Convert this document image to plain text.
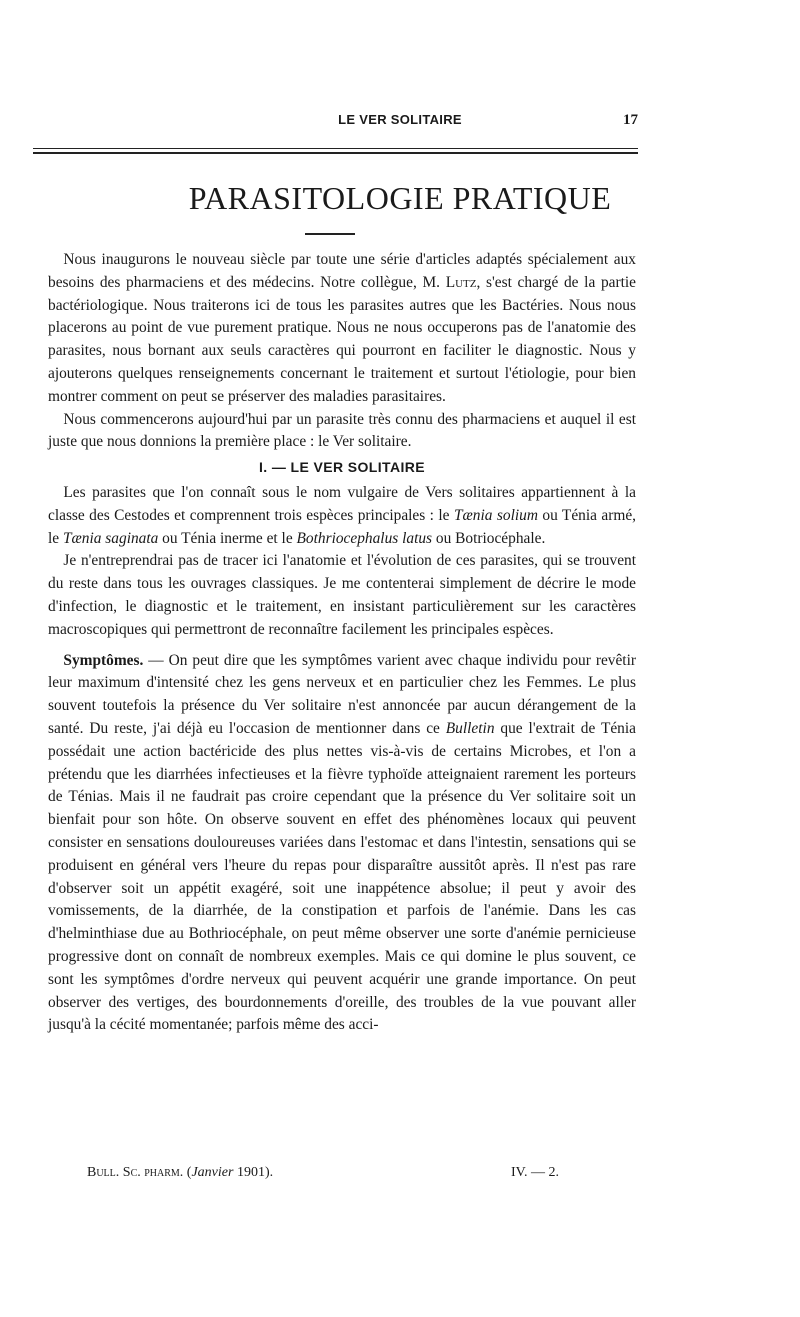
LE VER SOLITAIRE	17
PARASITOLOGIE PRATIQUE

 Nous inaugurons le nouveau siècle par toute une série d'articles adaptés spécialement aux besoins des pharmaciens et des médecins. Notre collègue, M. Lutz, s'est chargé de la partie bactériologique. Nous traiterons ici de tous les parasites autres que les Bactéries. Nous nous placerons au point de vue purement pratique. Nous ne nous occuperons pas de l'anatomie des parasites, nous bornant aux seuls caractères qui pourront en faciliter le diagnostic. Nous y ajouterons quelques renseignements concernant le traitement et surtout l'étiologie, pour bien montrer comment on peut se préserver des maladies parasitaires.

 Nous commencerons aujourd'hui par un parasite très connu des pharmaciens et auquel il est juste que nous donnions la première place : le Ver solitaire.

I. — LE VER SOLITAIRE

 Les parasites que l'on connaît sous le nom vulgaire de Vers solitaires appartiennent à la classe des Cestodes et comprennent trois espèces principales : le Tænia solium ou Ténia armé, le Tænia saginata ou Ténia inerme et le Bothriocephalus latus ou Botriocéphale.

 Je n'entreprendrai pas de tracer ici l'anatomie et l'évolution de ces parasites, qui se trouvent du reste dans tous les ouvrages classiques. Je me contenterai simplement de décrire le mode d'infection, le diagnostic et le traitement, en insistant particulièrement sur les caractères macroscopiques qui permettront de reconnaître facilement les principales espèces.

 Symptômes. — On peut dire que les symptômes varient avec chaque individu pour revêtir leur maximum d'intensité chez les gens nerveux et en particulier chez les Femmes. Le plus souvent toutefois la présence du Ver solitaire n'est annoncée par aucun dérangement de la santé. Du reste, j'ai déjà eu l'occasion de mentionner dans ce Bulletin que l'extrait de Ténia possédait une action bactéricide des plus nettes vis-à-vis de certains Microbes, et l'on a prétendu que les diarrhées infectieuses et la fièvre typhoïde atteignaient rarement les porteurs de Ténias. Mais il ne faudrait pas croire cependant que la présence du Ver solitaire soit un bienfait pour son hôte. On observe souvent en effet des phénomènes locaux qui peuvent consister en sensations douloureuses variées dans l'estomac et dans l'intestin, sensations qui se produisent en général vers l'heure du repas pour disparaître aussitôt après. Il n'est pas rare d'observer soit un appétit exagéré, soit une inappétence absolue; il peut y avoir des vomissements, de la diarrhée, de la constipation et parfois de l'anémie. Dans les cas d'helminthiase due au Bothriocéphale, on peut même observer une sorte d'anémie pernicieuse progressive dont on connaît de nombreux exemples. Mais ce qui domine le plus souvent, ce sont les symptômes d'ordre nerveux qui peuvent acquérir une grande importance. On peut observer des vertiges, des bourdonnements d'oreille, des troubles de la vue pouvant aller jusqu'à la cécité momentanée; parfois même des acci-

Bull. Sc. pharm. (Janvier 1901).	IV. — 2.
